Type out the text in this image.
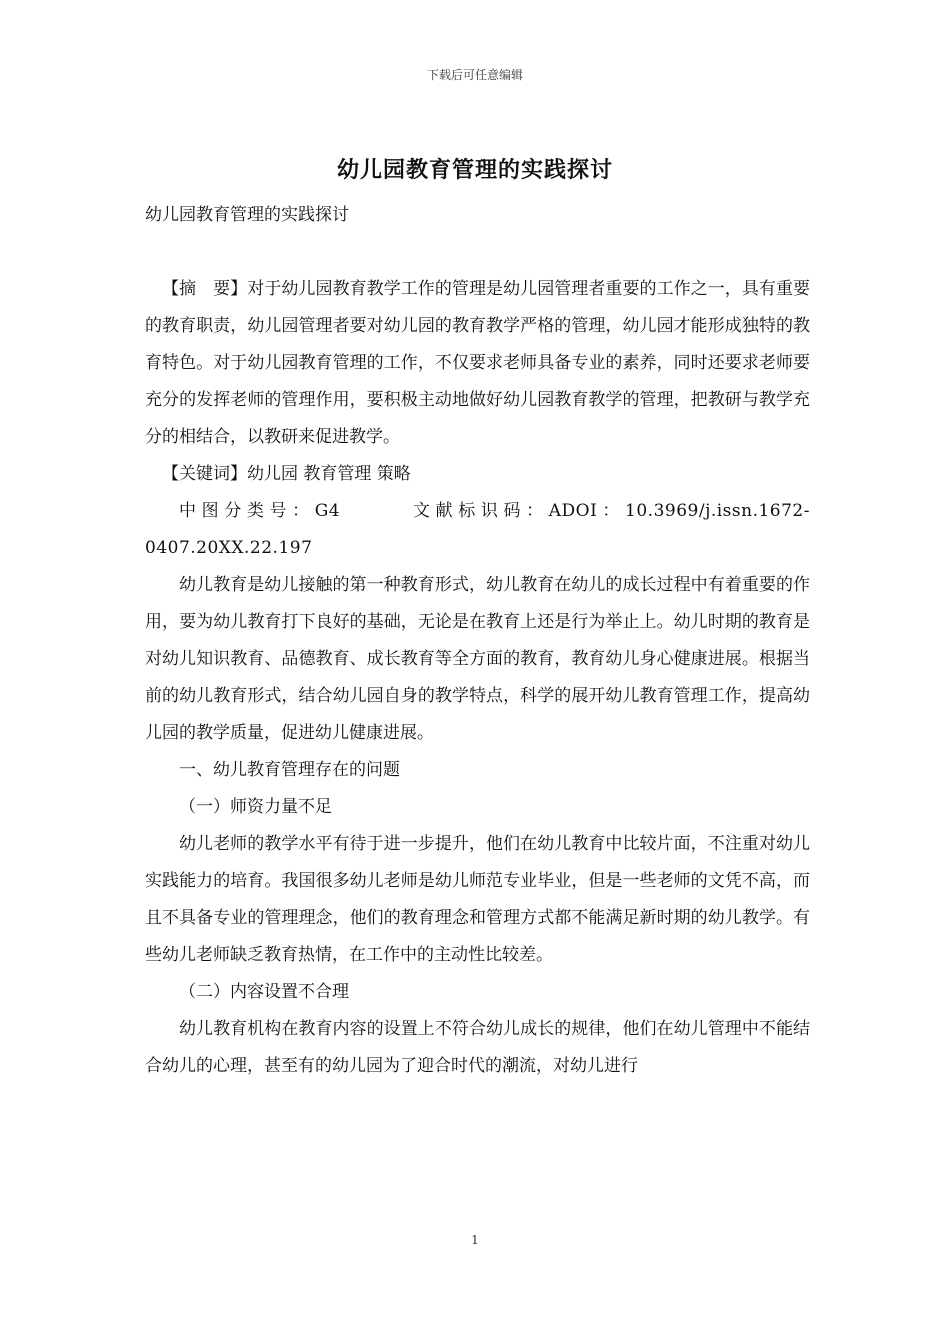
下载后可任意编辑
幼儿园教育管理的实践探讨

幼儿园教育管理的实践探讨

【摘　要】对于幼儿园教育教学工作的管理是幼儿园管理者重要的工作之一，具有重要的教育职责，幼儿园管理者要对幼儿园的教育教学严格的管理，幼儿园才能形成独特的教育特色。对于幼儿园教育管理的工作，不仅要求老师具备专业的素养，同时还要求老师要充分的发挥老师的管理作用，要积极主动地做好幼儿园教育教学的管理，把教研与教学充分的相结合，以教研来促进教学。

【关键词】幼儿园 教育管理 策略

中图分类号：G4　　　文献标识码：ADOI：10.3969/j.issn.1672-0407.20XX.22.197

幼儿教育是幼儿接触的第一种教育形式，幼儿教育在幼儿的成长过程中有着重要的作用，要为幼儿教育打下良好的基础，无论是在教育上还是行为举止上。幼儿时期的教育是对幼儿知识教育、品德教育、成长教育等全方面的教育，教育幼儿身心健康进展。根据当前的幼儿教育形式，结合幼儿园自身的教学特点，科学的展开幼儿教育管理工作，提高幼儿园的教学质量，促进幼儿健康进展。

一、幼儿教育管理存在的问题

（一）师资力量不足

幼儿老师的教学水平有待于进一步提升，他们在幼儿教育中比较片面，不注重对幼儿实践能力的培育。我国很多幼儿老师是幼儿师范专业毕业，但是一些老师的文凭不高，而且不具备专业的管理理念，他们的教育理念和管理方式都不能满足新时期的幼儿教学。有些幼儿老师缺乏教育热情，在工作中的主动性比较差。

（二）内容设置不合理

幼儿教育机构在教育内容的设置上不符合幼儿成长的规律，他们在幼儿管理中不能结合幼儿的心理，甚至有的幼儿园为了迎合时代的潮流，对幼儿进行

1
